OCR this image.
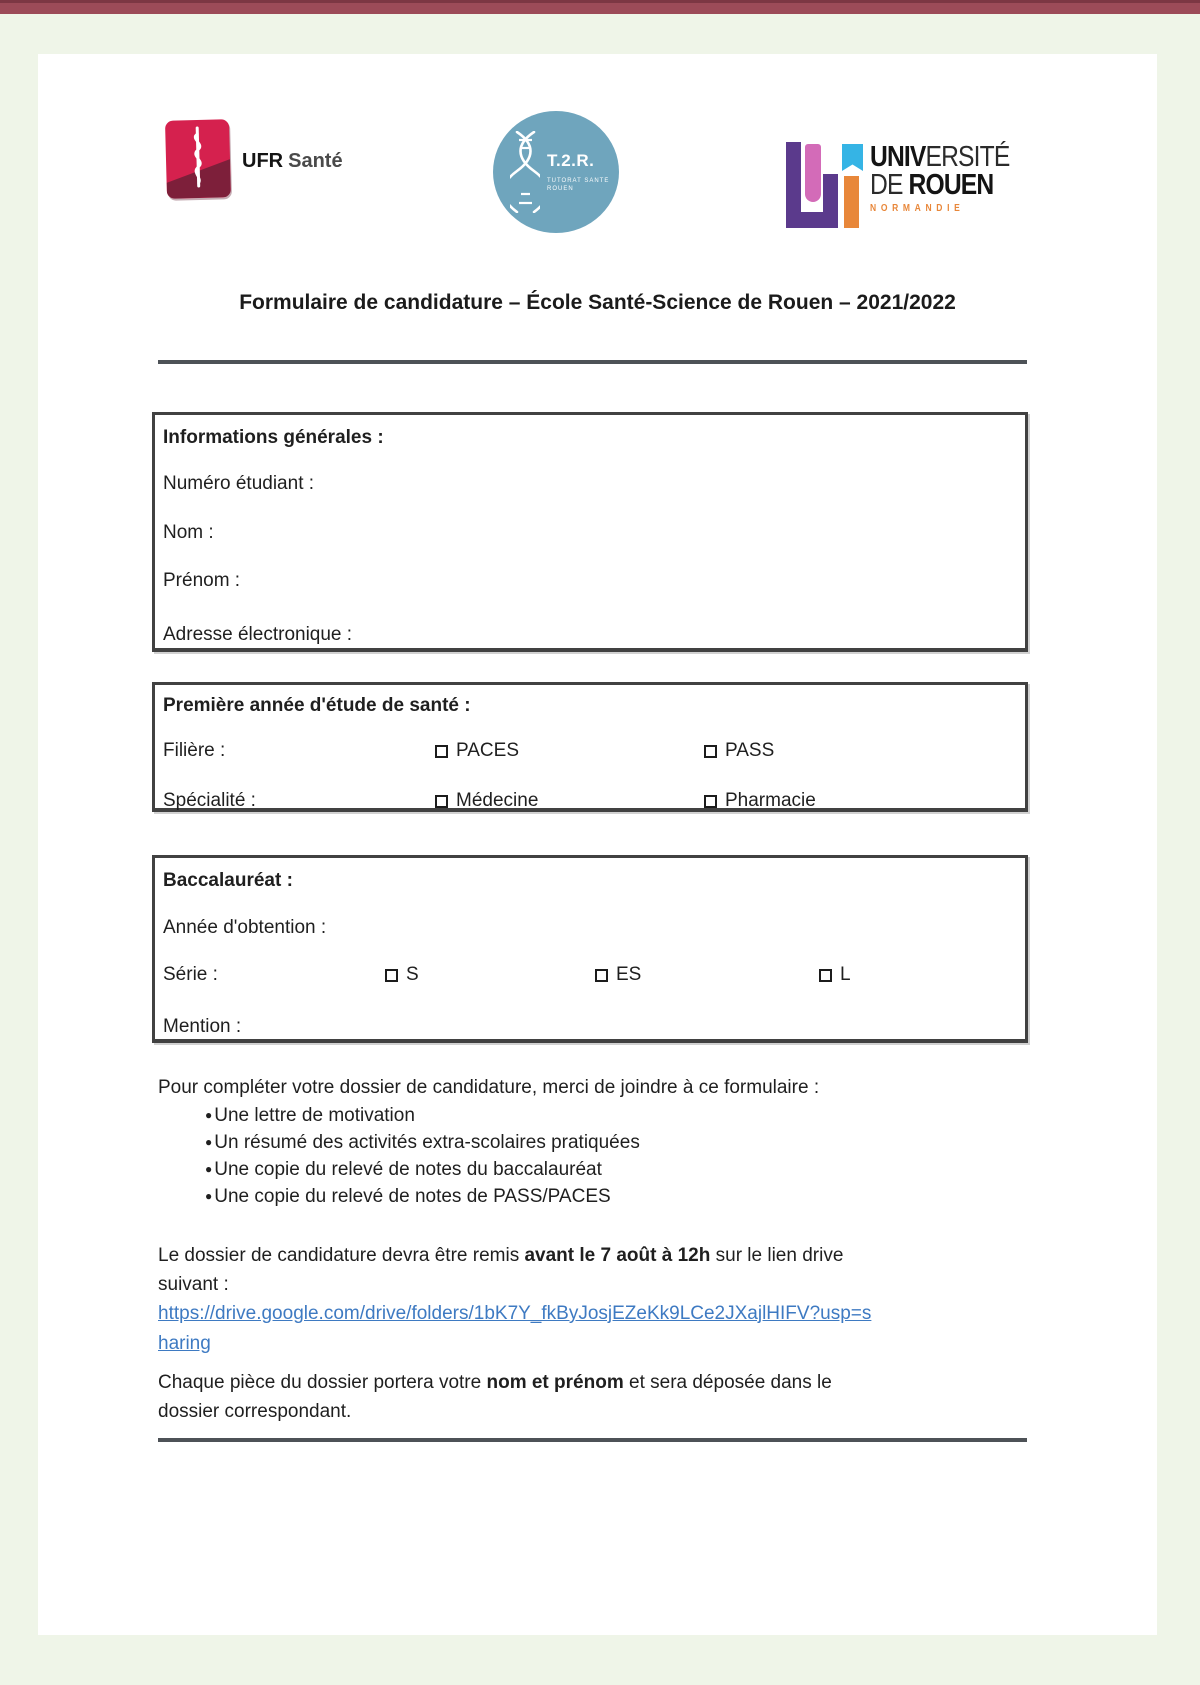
UFR Santé	T.2.R.
TUTORAT SANTÉ
ROUEN
UNIVERSITÉ
DE ROUEN
NORMANDIE
Formulaire de candidature – École Santé-Science de Rouen – 2021/2022
Informations générales :
Numéro étudiant :
Nom :
Prénom :
Adresse électronique :
Première année d'étude de santé :
Filière :	PACES	PASS
Spécialité :	Médecine	Pharmacie
Baccalauréat :
Année d'obtention :
Série :	S	ES	L
Mention :
Pour compléter votre dossier de candidature, merci de joindre à ce formulaire :
● Une lettre de motivation
● Un résumé des activités extra-scolaires pratiquées
● Une copie du relevé de notes du baccalauréat
● Une copie du relevé de notes de PASS/PACES
Le dossier de candidature devra être remis avant le 7 août à 12h sur le lien drive
suivant :
https://drive.google.com/drive/folders/1bK7Y_fkByJosjEZeKk9LCe2JXajlHIFV?usp=s
haring
Chaque pièce du dossier portera votre nom et prénom et sera déposée dans le
dossier correspondant.
